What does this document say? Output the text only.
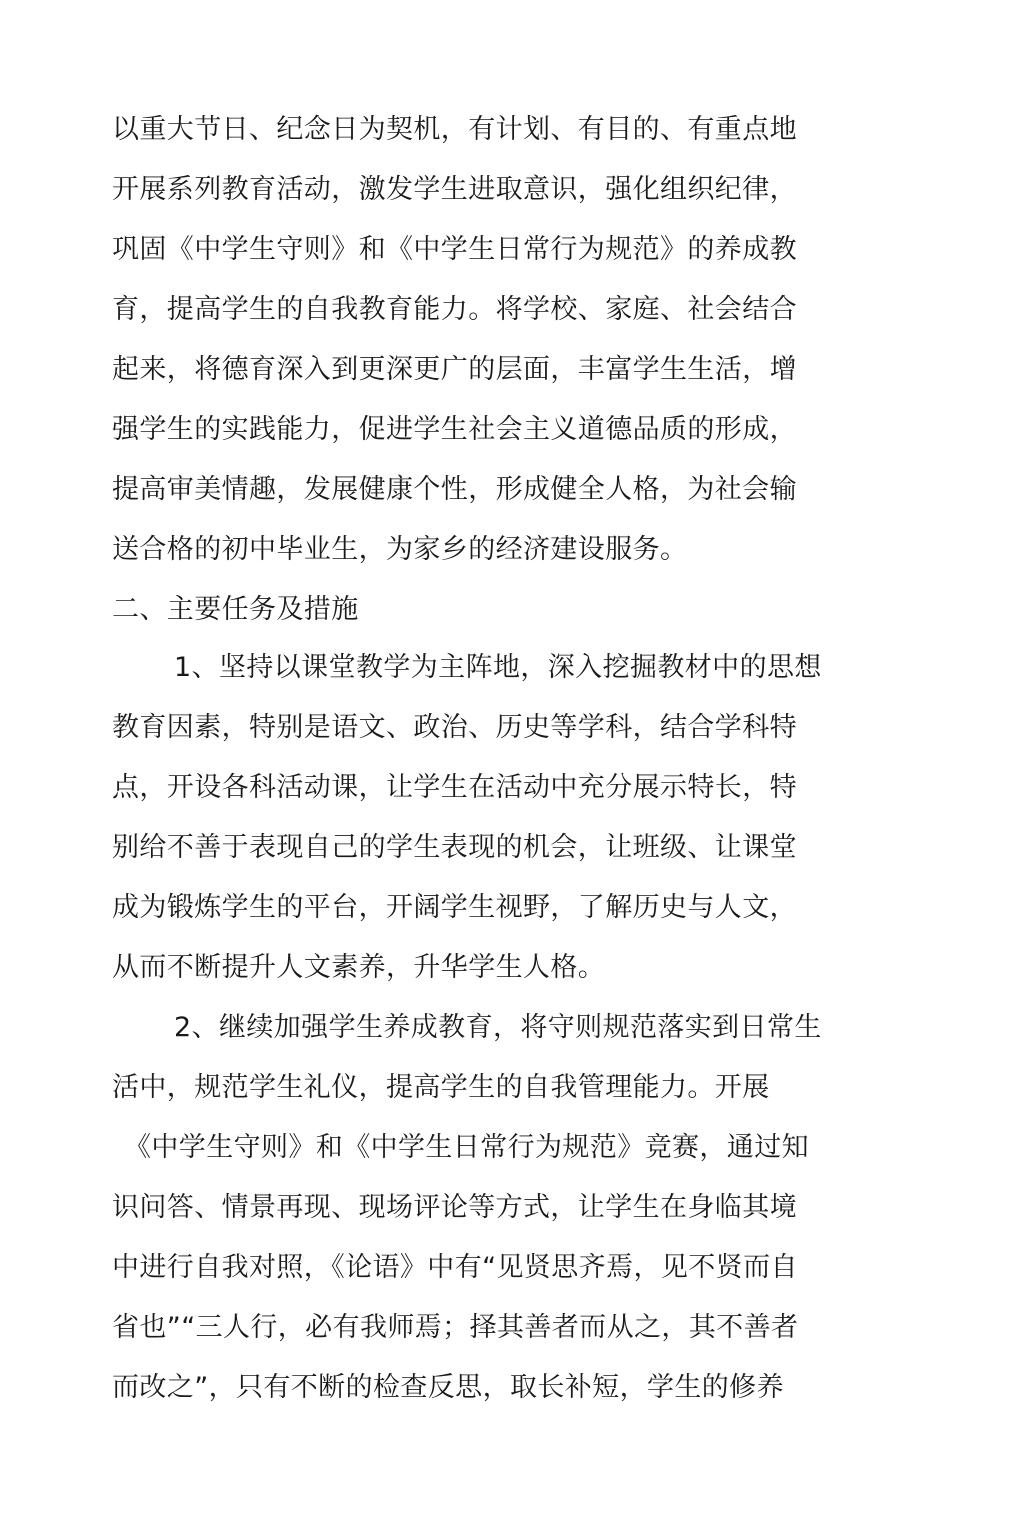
以重大节日、纪念日为契机，有计划、有目的、有重点地
开展系列教育活动，激发学生进取意识，强化组织纪律，
巩固《中学生守则》和《中学生日常行为规范》的养成教
育，提高学生的自我教育能力。将学校、家庭、社会结合
起来，将德育深入到更深更广的层面，丰富学生生活，增
强学生的实践能力，促进学生社会主义道德品质的形成，
提高审美情趣，发展健康个性，形成健全人格，为社会输
送合格的初中毕业生，为家乡的经济建设服务。
二、主要任务及措施
1、坚持以课堂教学为主阵地，深入挖掘教材中的思想
教育因素，特别是语文、政治、历史等学科，结合学科特
点，开设各科活动课，让学生在活动中充分展示特长，特
别给不善于表现自己的学生表现的机会，让班级、让课堂
成为锻炼学生的平台，开阔学生视野，了解历史与人文，
从而不断提升人文素养，升华学生人格。
2、继续加强学生养成教育，将守则规范落实到日常生
活中，规范学生礼仪，提高学生的自我管理能力。开展
《中学生守则》和《中学生日常行为规范》竞赛，通过知
识问答、情景再现、现场评论等方式，让学生在身临其境
中进行自我对照，《论语》中有“见贤思齐焉，见不贤而自
省也”“三人行，必有我师焉；择其善者而从之，其不善者
而改之”，只有不断的检查反思，取长补短，学生的修养
